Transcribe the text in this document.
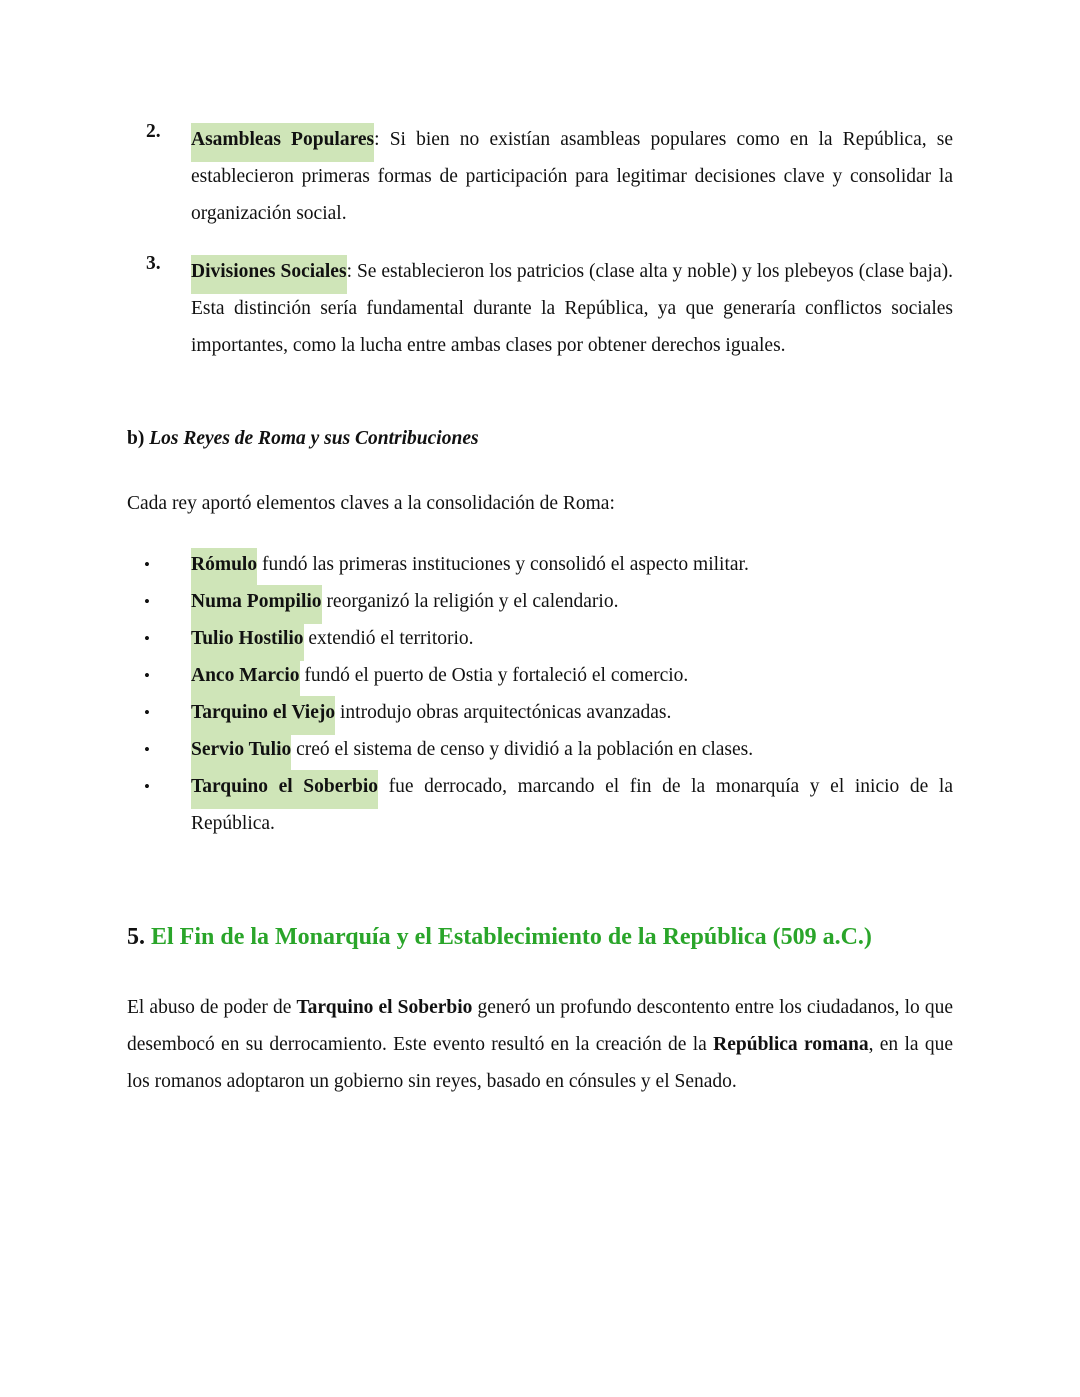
2. Asambleas Populares: Si bien no existían asambleas populares como en la República, se establecieron primeras formas de participación para legitimar decisiones clave y consolidar la organización social.
3. Divisiones Sociales: Se establecieron los patricios (clase alta y noble) y los plebeyos (clase baja). Esta distinción sería fundamental durante la República, ya que generaría conflictos sociales importantes, como la lucha entre ambas clases por obtener derechos iguales.
b) Los Reyes de Roma y sus Contribuciones
Cada rey aportó elementos claves a la consolidación de Roma:
• Rómulo fundó las primeras instituciones y consolidó el aspecto militar.
• Numa Pompilio reorganizó la religión y el calendario.
• Tulio Hostilio extendió el territorio.
• Anco Marcio fundó el puerto de Ostia y fortaleció el comercio.
• Tarquino el Viejo introdujo obras arquitectónicas avanzadas.
• Servio Tulio creó el sistema de censo y dividió a la población en clases.
• Tarquino el Soberbio fue derrocado, marcando el fin de la monarquía y el inicio de la República.
5. El Fin de la Monarquía y el Establecimiento de la República (509 a.C.)
El abuso de poder de Tarquino el Soberbio generó un profundo descontento entre los ciudadanos, lo que desembocó en su derrocamiento. Este evento resultó en la creación de la República romana, en la que los romanos adoptaron un gobierno sin reyes, basado en cónsules y el Senado.
